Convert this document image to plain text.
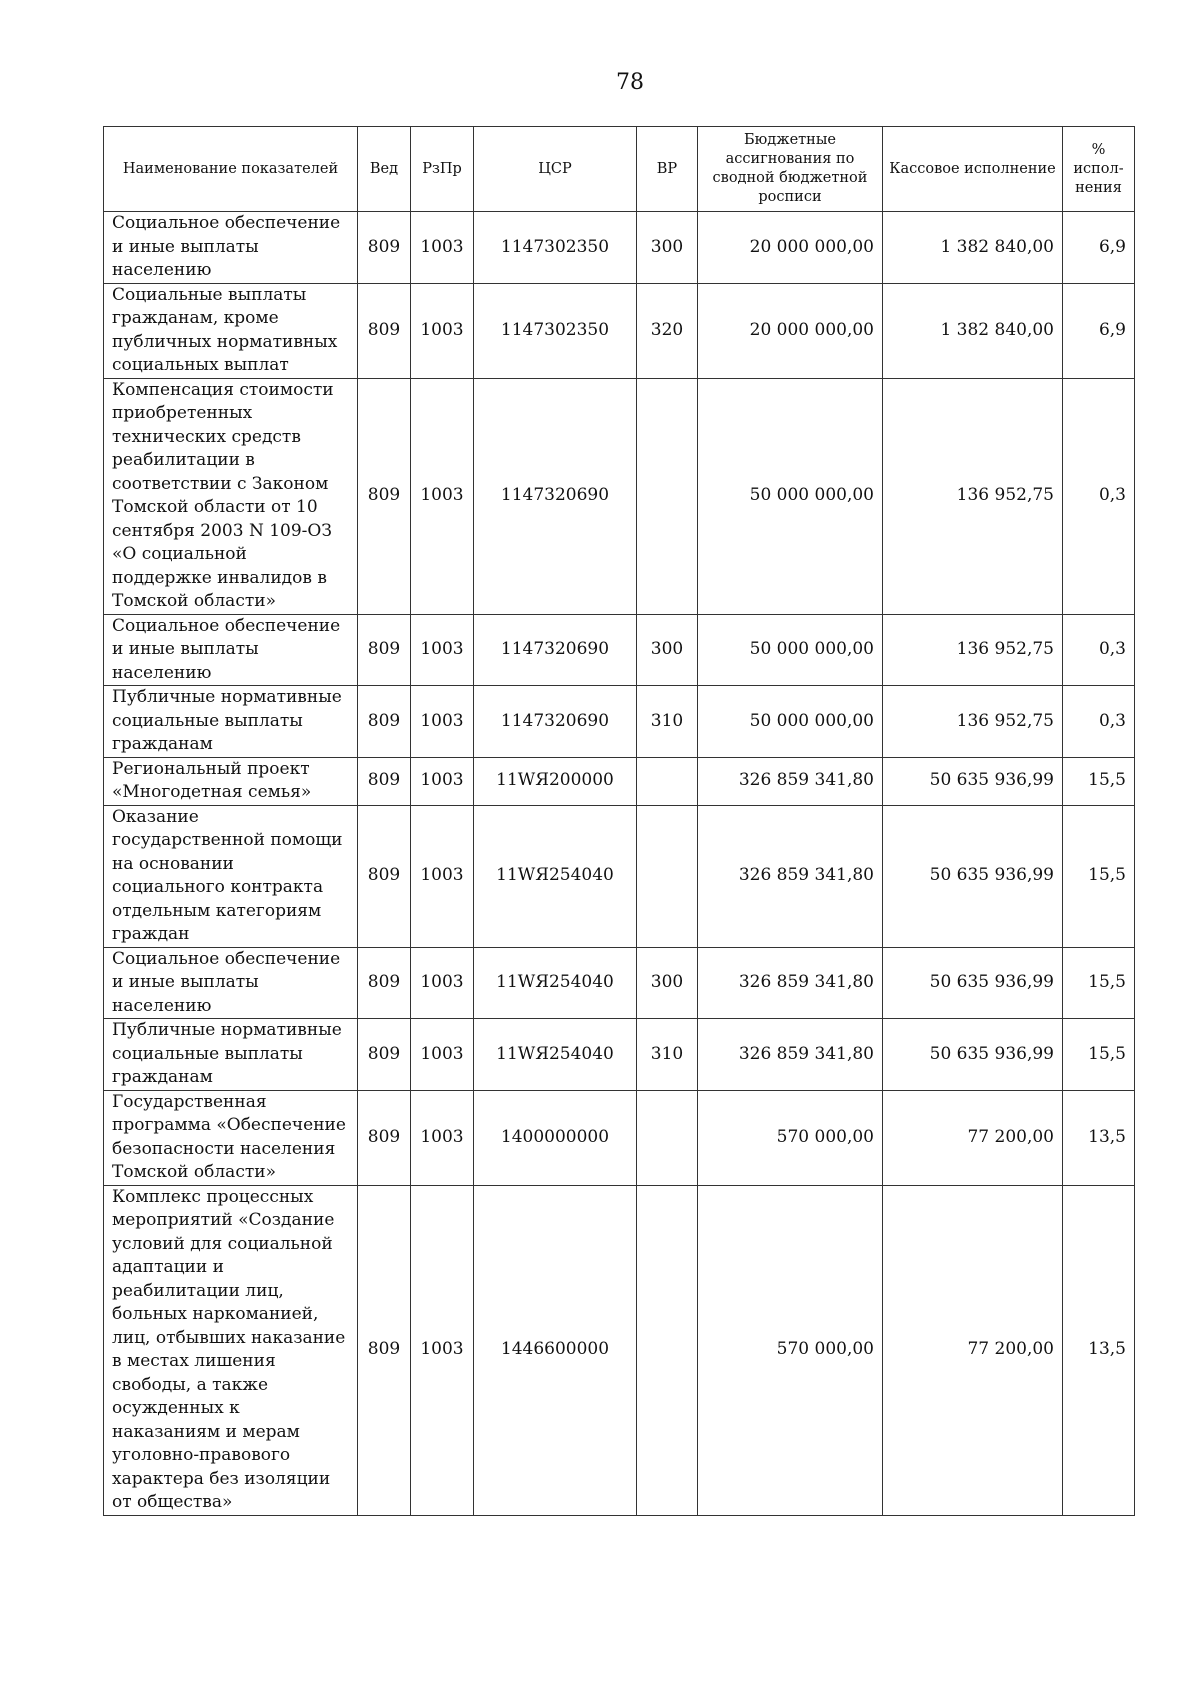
78
Наименование показателей	Вед	РзПр	ЦСР	ВР	Бюджетные ассигнования по сводной бюджетной росписи	Кассовое исполнение	% испол-нения
Социальное обеспечение и иные выплаты населению	809	1003	1147302350	300	20 000 000,00	1 382 840,00	6,9
Социальные выплаты гражданам, кроме публичных нормативных социальных выплат	809	1003	1147302350	320	20 000 000,00	1 382 840,00	6,9
Компенсация стоимости приобретенных технических средств реабилитации в соответствии с Законом Томской области от 10 сентября 2003 N 109-ОЗ «О социальной поддержке инвалидов в Томской области»	809	1003	1147320690		50 000 000,00	136 952,75	0,3
Социальное обеспечение и иные выплаты населению	809	1003	1147320690	300	50 000 000,00	136 952,75	0,3
Публичные нормативные социальные выплаты гражданам	809	1003	1147320690	310	50 000 000,00	136 952,75	0,3
Региональный проект «Многодетная семья»	809	1003	11WЯ200000		326 859 341,80	50 635 936,99	15,5
Оказание государственной помощи на основании социального контракта отдельным категориям граждан	809	1003	11WЯ254040		326 859 341,80	50 635 936,99	15,5
Социальное обеспечение и иные выплаты населению	809	1003	11WЯ254040	300	326 859 341,80	50 635 936,99	15,5
Публичные нормативные социальные выплаты гражданам	809	1003	11WЯ254040	310	326 859 341,80	50 635 936,99	15,5
Государственная программа «Обеспечение безопасности населения Томской области»	809	1003	1400000000		570 000,00	77 200,00	13,5
Комплекс процессных мероприятий «Создание условий для социальной адаптации и реабилитации лиц, больных наркоманией, лиц, отбывших наказание в местах лишения свободы, а также осужденных к наказаниям и мерам уголовно-правового характера без изоляции от общества»	809	1003	1446600000		570 000,00	77 200,00	13,5
